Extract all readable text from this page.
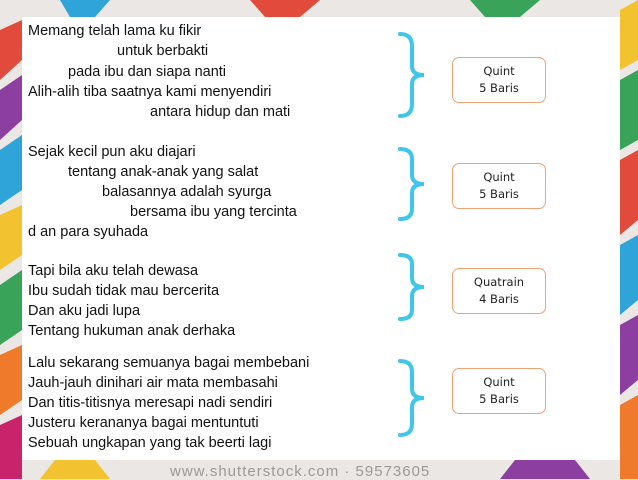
Memang telah lama ku fikir
untuk berbakti
pada ibu dan siapa nanti
Alih-alih tiba saatnya kami menyendiri
antara hidup dan mati
Sejak kecil pun aku diajari
tentang anak-anak yang salat
balasannya adalah syurga
bersama ibu yang tercinta
d an para syuhada
Tapi bila aku telah dewasa
Ibu sudah tidak mau bercerita
Dan aku jadi lupa
Tentang hukuman anak derhaka
Lalu sekarang semuanya bagai membebani
Jauh-jauh dinihari air mata membasahi
Dan titis-titisnya meresapi nadi sendiri
Justeru kerananya bagai mentuntuti
Sebuah ungkapan yang tak beerti lagi
Quint
5 Baris
Quint
5 Baris
Quatrain
4 Baris
Quint
5 Baris
www.shutterstock.com · 59573605
